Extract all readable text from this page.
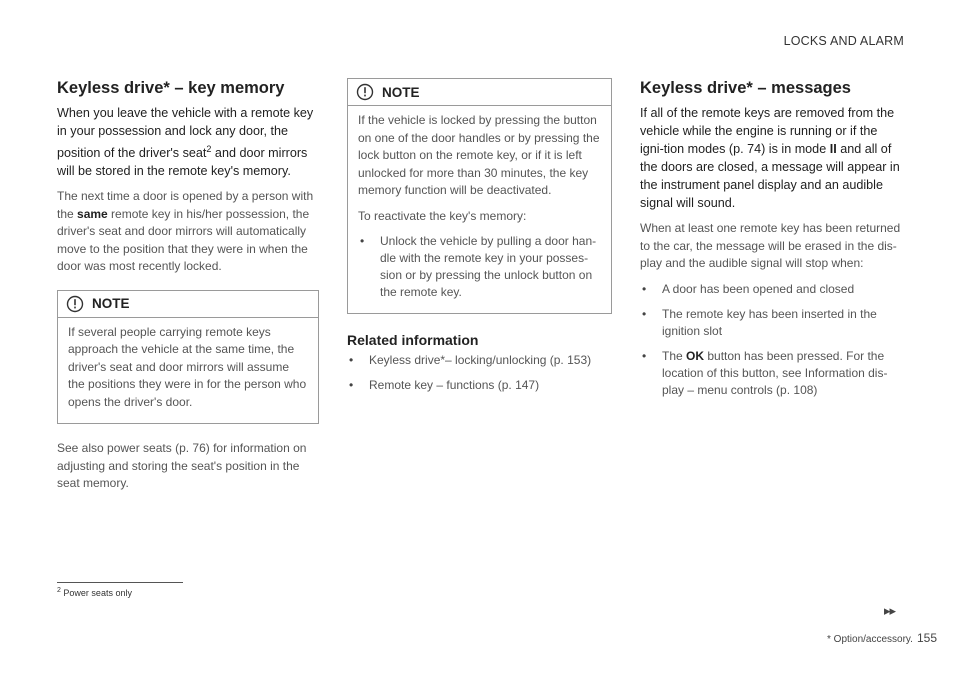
LOCKS AND ALARM
Keyless drive* – key memory

When you leave the vehicle with a remote key in your possession and lock any door, the position of the driver's seat$^2$ and door mirrors will be stored in the remote key's memory.

The next time a door is opened by a person with the same remote key in his/her possession, the driver's seat and door mirrors will automatically move to the position that they were in when the door was most recently locked.

NOTE

If several people carrying remote keys approach the vehicle at the same time, the driver's seat and door mirrors will assume the positions they were in for the person who opens the driver's door.

See also power seats (p. 76) for information on adjusting and storing the seat's position in the seat memory.

NOTE

If the vehicle is locked by pressing the button on one of the door handles or by pressing the lock button on the remote key, or if it is left unlocked for more than 30 minutes, the key memory function will be deactivated.

To reactivate the key's memory:

• Unlock the vehicle by pulling a door han-dle with the remote key in your posses-sion or by pressing the unlock button on the remote key.
Related information
• Keyless drive*– locking/unlocking (p. 153)
• Remote key – functions (p. 147)
Keyless drive* – messages

If all of the remote keys are removed from the vehicle while the engine is running or if the igni-tion modes (p. 74) is in mode II and all of the doors are closed, a message will appear in the instrument panel display and an audible signal will sound.

When at least one remote key has been returned to the car, the message will be erased in the dis-play and the audible signal will stop when:

• A door has been opened and closed
• The remote key has been inserted in the ignition slot
• The OK button has been pressed. For the location of this button, see Information dis-play – menu controls (p. 108)
$^2$ Power seats only
▸▸
* Option/accessory. 155
